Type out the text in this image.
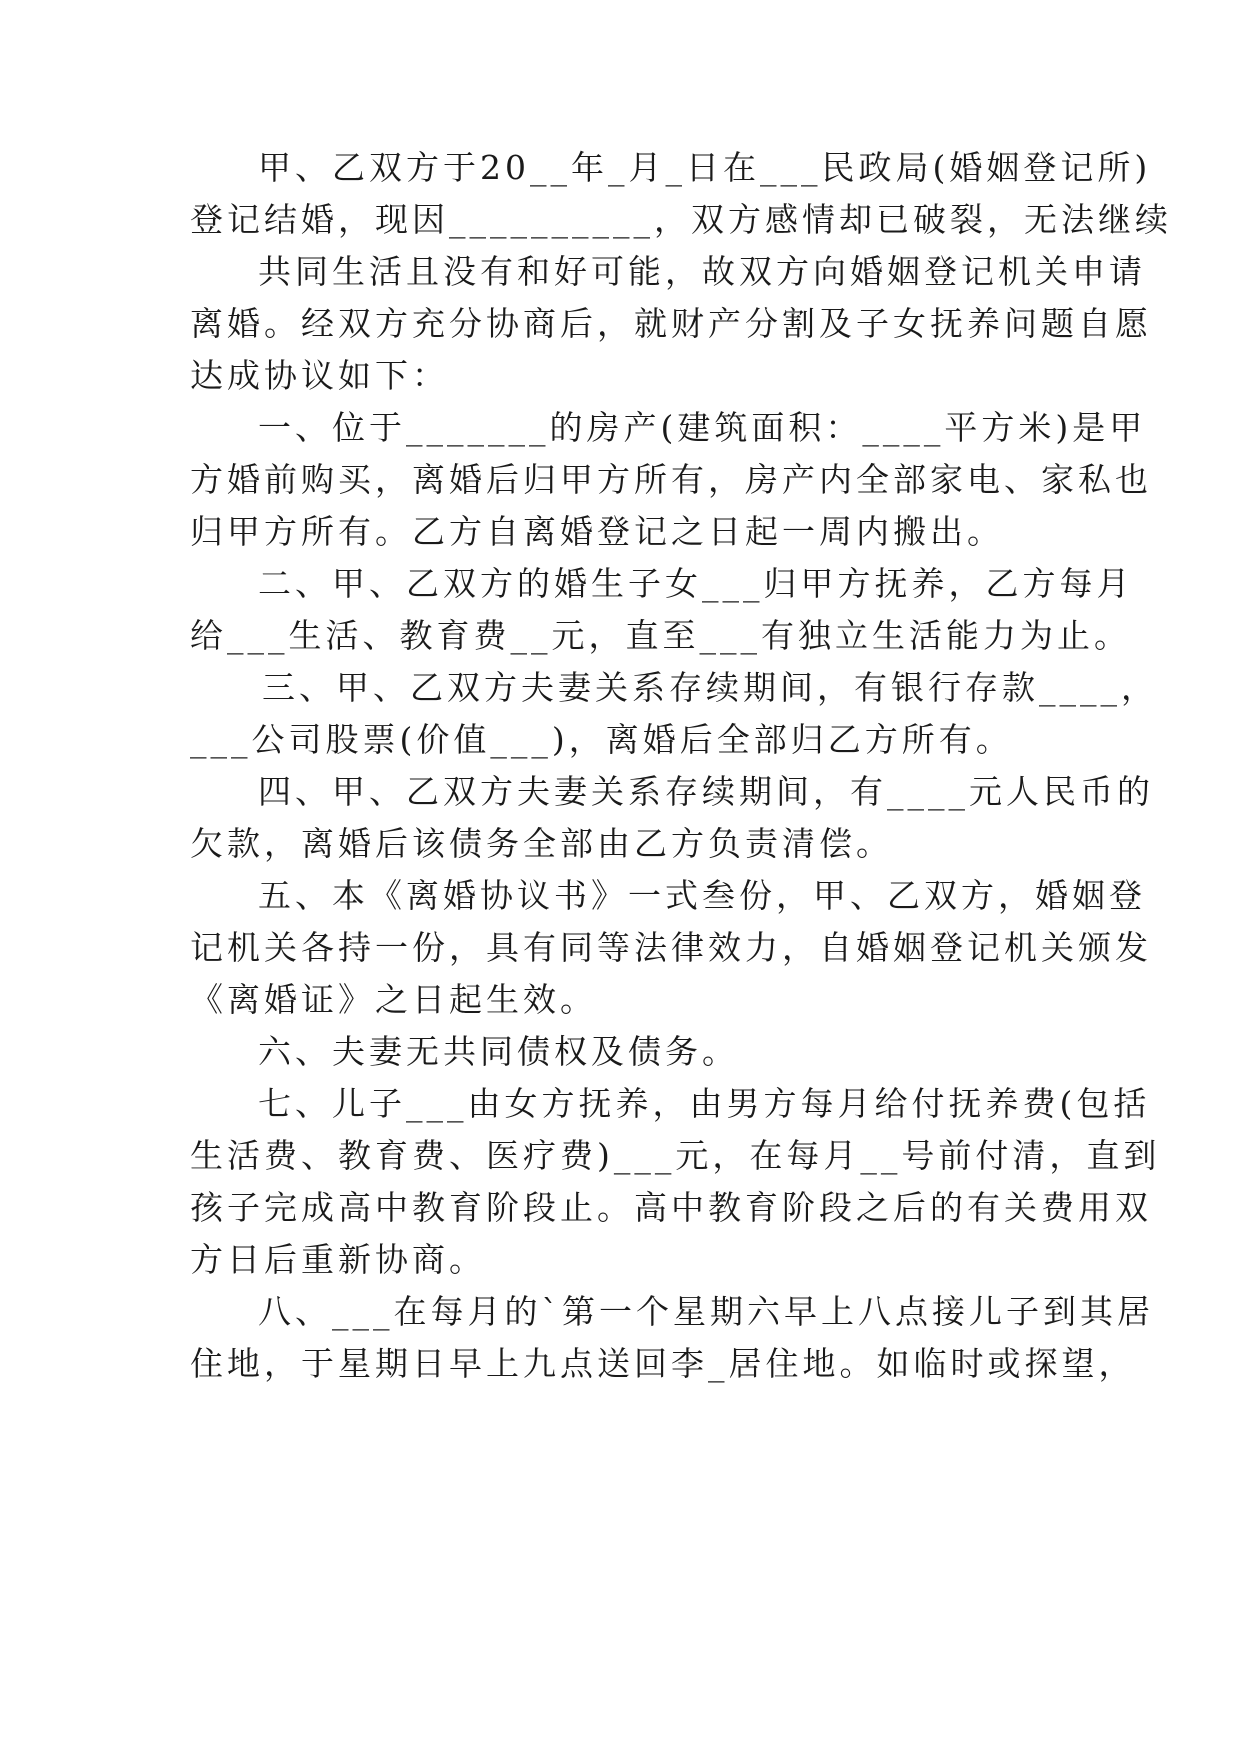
甲、乙双方于20__年_月_日在___民政局(婚姻登记所)
登记结婚，现因__________，双方感情却已破裂，无法继续
共同生活且没有和好可能，故双方向婚姻登记机关申请
离婚。经双方充分协商后，就财产分割及子女抚养问题自愿
达成协议如下：
一、位于_______的房产(建筑面积：____平方米)是甲
方婚前购买，离婚后归甲方所有，房产内全部家电、家私也
归甲方所有。乙方自离婚登记之日起一周内搬出。
二、甲、乙双方的婚生子女___归甲方抚养，乙方每月
给___生活、教育费__元，直至___有独立生活能力为止。
三、甲、乙双方夫妻关系存续期间，有银行存款____，
___公司股票(价值___)，离婚后全部归乙方所有。
四、甲、乙双方夫妻关系存续期间，有____元人民币的
欠款，离婚后该债务全部由乙方负责清偿。
五、本《离婚协议书》一式叁份，甲、乙双方，婚姻登
记机关各持一份，具有同等法律效力，自婚姻登记机关颁发
《离婚证》之日起生效。
六、夫妻无共同债权及债务。
七、儿子___由女方抚养，由男方每月给付抚养费(包括
生活费、教育费、医疗费)___元，在每月__号前付清，直到
孩子完成高中教育阶段止。高中教育阶段之后的有关费用双
方日后重新协商。
八、___在每月的`第一个星期六早上八点接儿子到其居
住地，于星期日早上九点送回李_居住地。如临时或探望，
